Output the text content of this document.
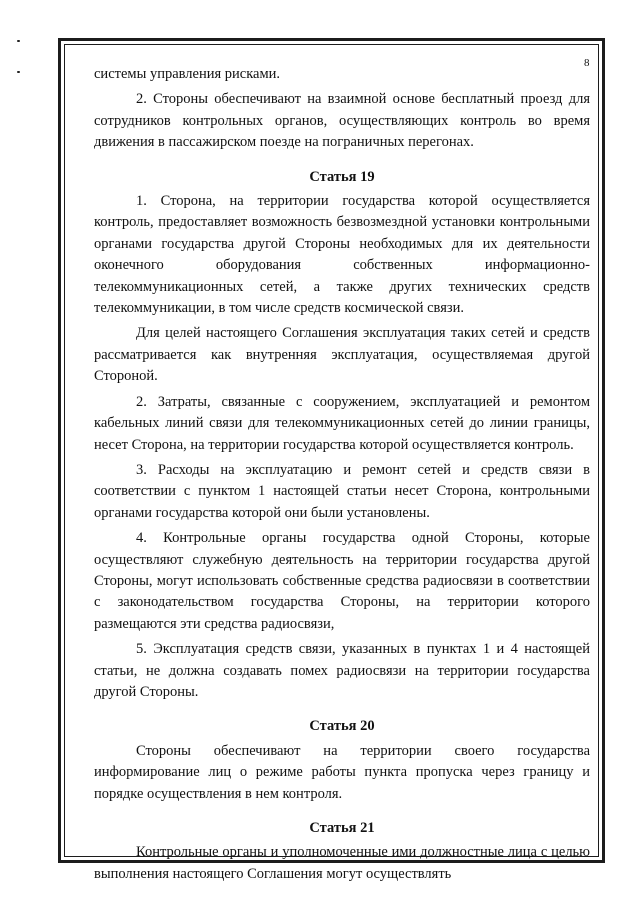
8

системы управления рисками.

2. Стороны обеспечивают на взаимной основе бесплатный проезд для сотрудников контрольных органов, осуществляющих контроль во время движения в пассажирском поезде на пограничных перегонах.

Статья 19

1. Сторона, на территории государства которой осуществляется контроль, предоставляет возможность безвозмездной установки контрольными органами государства другой Стороны необходимых для их деятельности оконечного оборудования собственных информационно-телекоммуникационных сетей, а также других технических средств телекоммуникации, в том числе средств космической связи.

Для целей настоящего Соглашения эксплуатация таких сетей и средств рассматривается как внутренняя эксплуатация, осуществляемая другой Стороной.

2. Затраты, связанные с сооружением, эксплуатацией и ремонтом кабельных линий связи для телекоммуникационных сетей до линии границы, несет Сторона, на территории государства которой осуществляется контроль.

3. Расходы на эксплуатацию и ремонт сетей и средств связи в соответствии с пунктом 1 настоящей статьи несет Сторона, контрольными органами государства которой они были установлены.

4. Контрольные органы государства одной Стороны, которые осуществляют служебную деятельность на территории государства другой Стороны, могут использовать собственные средства радиосвязи в соответствии с законодательством государства Стороны, на территории которого размещаются эти средства радиосвязи,

5. Эксплуатация средств связи, указанных в пунктах 1 и 4 настоящей статьи, не должна создавать помех радиосвязи на территории государства другой Стороны.

Статья 20

Стороны обеспечивают на территории своего государства информирование лиц о режиме работы пункта пропуска через границу и порядке осуществления в нем контроля.

Статья 21

Контрольные органы и уполномоченные ими должностные лица с целью выполнения настоящего Соглашения могут осуществлять
